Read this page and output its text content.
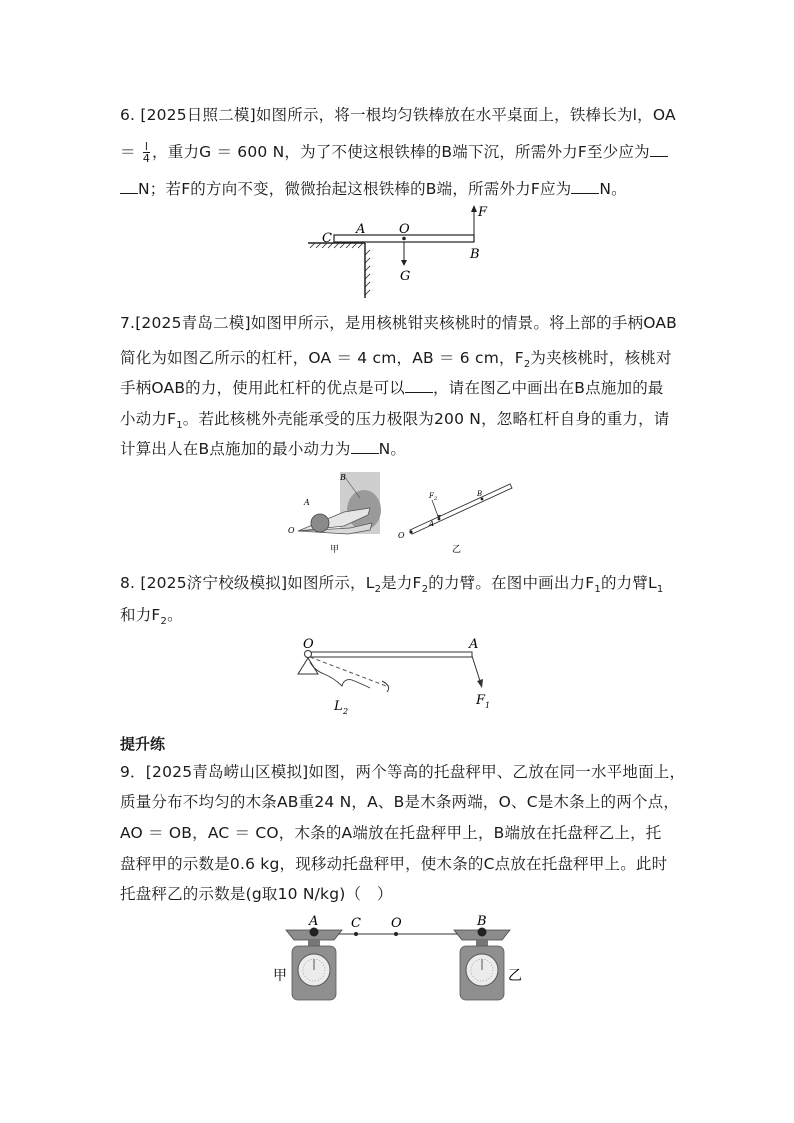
6. [2025日照二模]如图所示，将一根均匀铁棒放在水平桌面上，铁棒长为l，OA
＝ $\frac{l}{4}$ ，重力G ＝ 600 N，为了不使这根铁棒的B端下沉，所需外力F至少应为
N；若F的方向不变，微微抬起这根铁棒的B端，所需外力F应为 N。
C
A	O
B
F
G
7.[2025青岛二模]如图甲所示，是用核桃钳夹核桃时的情景。将上部的手柄OAB
简化为如图乙所示的杠杆，OA ＝ 4 cm，AB ＝ 6 cm，$F_2$为夹核桃时，核桃对
手柄OAB的力，使用此杠杆的优点是可以 ，请在图乙中画出在B点施加的最
小动力$F_1$。若此核桃外壳能承受的压力极限为200 N，忽略杠杆自身的重力，请
计算出人在B点施加的最小动力为 N。
B
A
O
甲
O
A
B
F 2
乙
8. [2025济宁校级模拟]如图所示，$L_2$是力$F_2$的力臂。在图中画出力$F_1$的力臂$L_1$
和力$F_2$。
O	A
L 2
F 1
提升练
9．[2025青岛崂山区模拟]如图，两个等高的托盘秤甲、乙放在同一水平地面上，
质量分布不均匀的木条AB重24 N，A、B是木条两端，O、C是木条上的两个点，
AO ＝ OB，AC ＝ CO，木条的A端放在托盘秤甲上，B端放在托盘秤乙上，托
盘秤甲的示数是0.6 kg，现移动托盘秤甲，使木条的C点放在托盘秤甲上。此时
托盘秤乙的示数是(g取10 N/kg)（　）
A	C O	B
甲	乙
